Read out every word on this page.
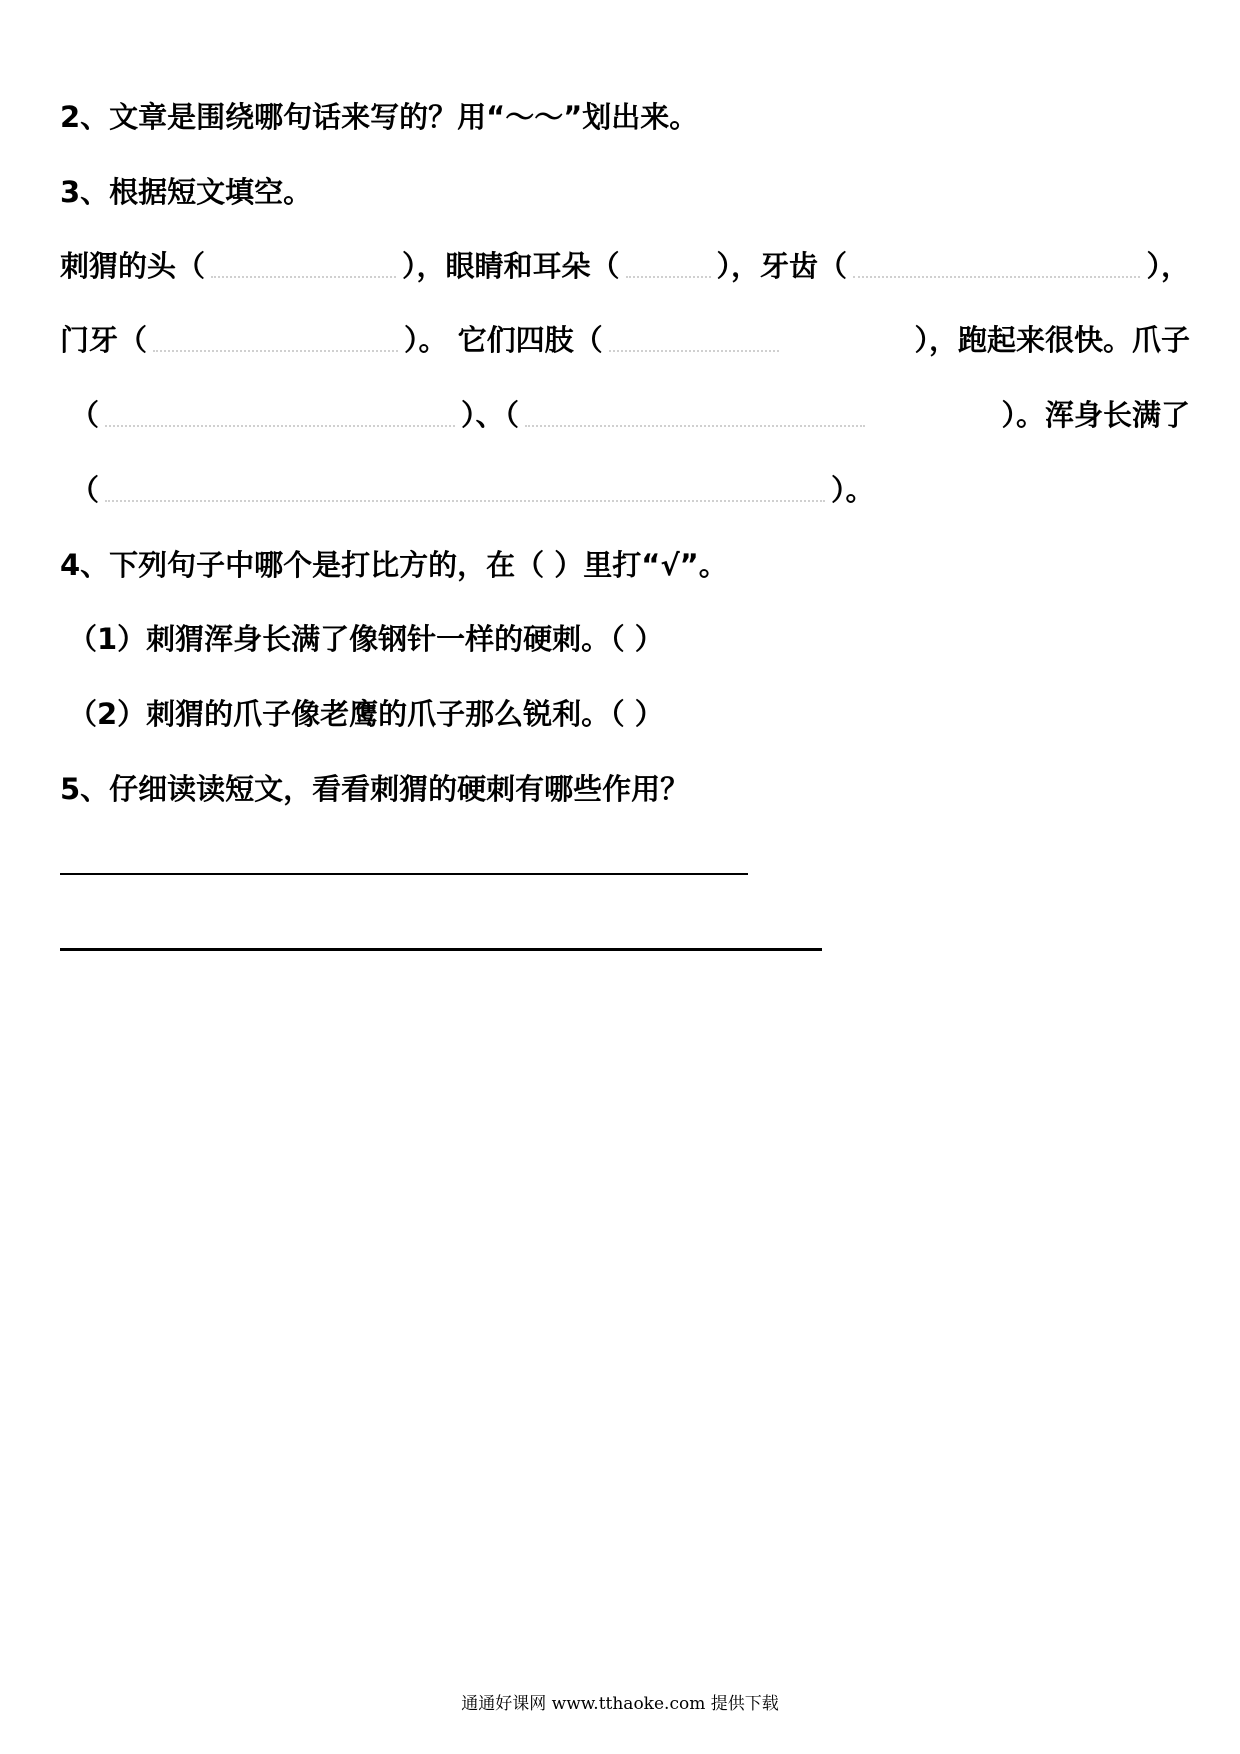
2、文章是围绕哪句话来写的？用“～～”划出来。
3、根据短文填空。
刺猬的头（	），眼睛和耳朵（	），牙齿（	），
门牙（	）。 它们四肢（	），跑起来很快。爪子
（	）、（	）。浑身长满了
（	）。
4、下列句子中哪个是打比方的，在（ ）里打“√”。
（1）刺猬浑身长满了像钢针一样的硬刺。（ ）
（2）刺猬的爪子像老鹰的爪子那么锐利。（ ）
5、仔细读读短文，看看刺猬的硬刺有哪些作用？
通通好课网 www.tthaoke.com 提供下载
